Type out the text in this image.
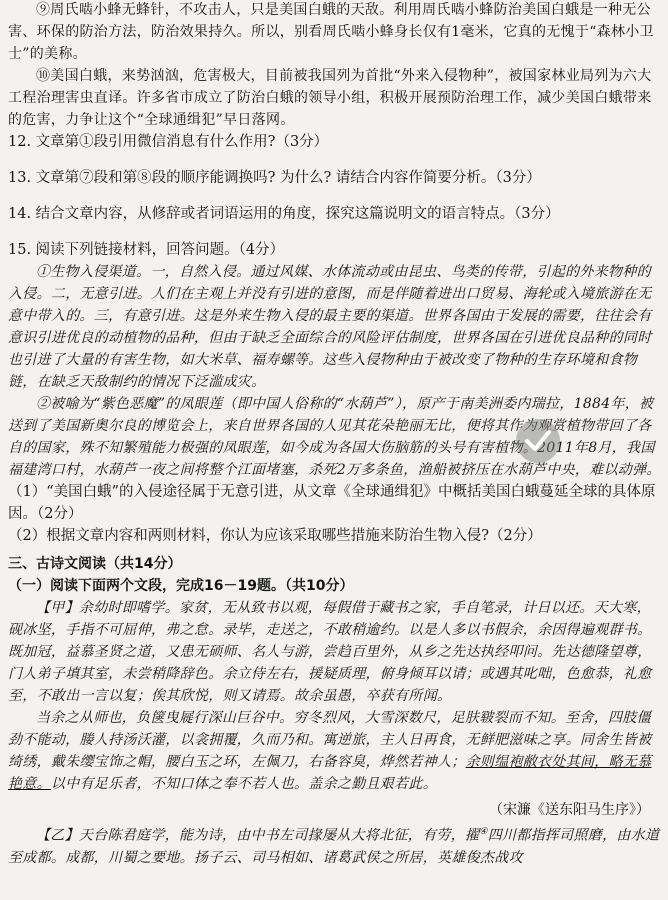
⑨周氏啮小蜂无蜂针，不攻击人，只是美国白蛾的天敌。利用周氏啮小蜂防治美国白蛾是一种无公害、环保的防治方法，防治效果持久。所以，别看周氏啮小蜂身长仅有1毫米，它真的无愧于“森林小卫士”的美称。

⑩美国白蛾，来势汹汹，危害极大，目前被我国列为首批“外来入侵物种”，被国家林业局列为六大工程治理害虫直译。许多省市成立了防治白蛾的领导小组，积极开展预防治理工作，减少美国白蛾带来的危害，力争让这个“全球通缉犯”早日落网。

12. 文章第①段引用微信消息有什么作用?（3分）

13. 文章第⑦段和第⑧段的顺序能调换吗? 为什么? 请结合内容作简要分析。（3分）

14. 结合文章内容，从修辞或者词语运用的角度，探究这篇说明文的语言特点。（3分）

15. 阅读下列链接材料，回答问题。（4分）

①生物入侵渠道。一，自然入侵。通过风媒、水体流动或由昆虫、鸟类的传带，引起的外来物种的入侵。二，无意引进。人们在主观上并没有引进的意图，而是伴随着进出口贸易、海轮或入境旅游在无意中带入的。三，有意引进。这是外来生物入侵的最主要的渠道。世界各国由于发展的需要，往往会有意识引进优良的动植物的品种，但由于缺乏全面综合的风险评估制度，世界各国在引进优良品种的同时也引进了大量的有害生物，如大米草、福寿螺等。这些入侵物种由于被改变了物种的生存环境和食物链，在缺乏天敌制约的情况下泛滥成灾。

②被喻为“紫色恶魔”的凤眼莲（即中国人俗称的“水葫芦”），原产于南美洲委内瑞拉，1884年，被送到了美国新奥尔良的博览会上，来自世界各国的人见其花朵艳丽无比，便将其作为观赏植物带回了各自的国家，殊不知繁殖能力极强的凤眼莲，如今成为各国大伤脑筋的头号有害植物。2011年8月，我国福建湾口村，水葫芦一夜之间将整个江面堵塞，杀死2万多条鱼，渔船被挤压在水葫芦中央，难以动弹。

（1）“美国白蛾”的入侵途径属于无意引进，从文章《全球通缉犯》中概括美国白蛾蔓延全球的具体原因。（2分）

（2）根据文章内容和两则材料，你认为应该采取哪些措施来防治生物入侵?（2分）

三、古诗文阅读（共14分）

（一）阅读下面两个文段，完成16－19题。（共10分）

【甲】余幼时即嗜学。家贫，无从致书以观，每假借于藏书之家，手自笔录，计日以还。天大寒，砚冰坚，手指不可屈伸，弗之怠。录毕，走送之，不敢稍逾约。以是人多以书假余，余因得遍观群书。既加冠，益慕圣贤之道，又患无硕师、名人与游，尝趋百里外，从乡之先达执经叩问。先达德隆望尊，门人弟子填其室，未尝稍降辞色。余立侍左右，援疑质理，俯身倾耳以请；或遇其叱咄，色愈恭，礼愈至，不敢出一言以复；俟其欣悦，则又请焉。故余虽愚，卒获有所闻。

当余之从师也，负箧曳屣行深山巨谷中。穷冬烈风，大雪深数尺，足肤皲裂而不知。至舍，四肢僵劲不能动，媵人持汤沃灌，以衾拥覆，久而乃和。寓逆旅，主人日再食，无鲜肥滋味之享。同舍生皆被绮绣，戴朱缨宝饰之帽，腰白玉之环，左佩刀，右备容臭，烨然若神人；余则缊袍敝衣处其间，略无慕艳意。以中有足乐者，不知口体之奉不若人也。盖余之勤且艰若此。

（宋濂《送东阳马生序》）

【乙】天台陈君庭学，能为诗，由中书左司掾屡从大将北征，有劳，擢④四川都指挥司照磨，由水道至成都。成都，川蜀之要地。扬子云、司马相如、诸葛武侯之所居，英雄俊杰战攻
